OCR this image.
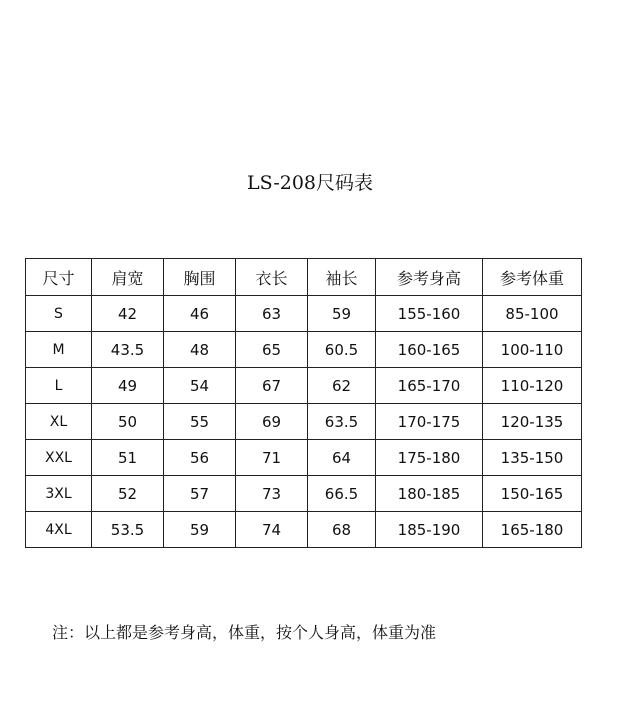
LS-208尺码表
尺寸	肩宽	胸围	衣长	袖长	参考身高	参考体重
S	42	46	63	59	155-160	85-100
M	43.5	48	65	60.5	160-165	100-110
L	49	54	67	62	165-170	110-120
XL	50	55	69	63.5	170-175	120-135
XXL	51	56	71	64	175-180	135-150
3XL	52	57	73	66.5	180-185	150-165
4XL	53.5	59	74	68	185-190	165-180
注：以上都是参考身高，体重，按个人身高，体重为准
